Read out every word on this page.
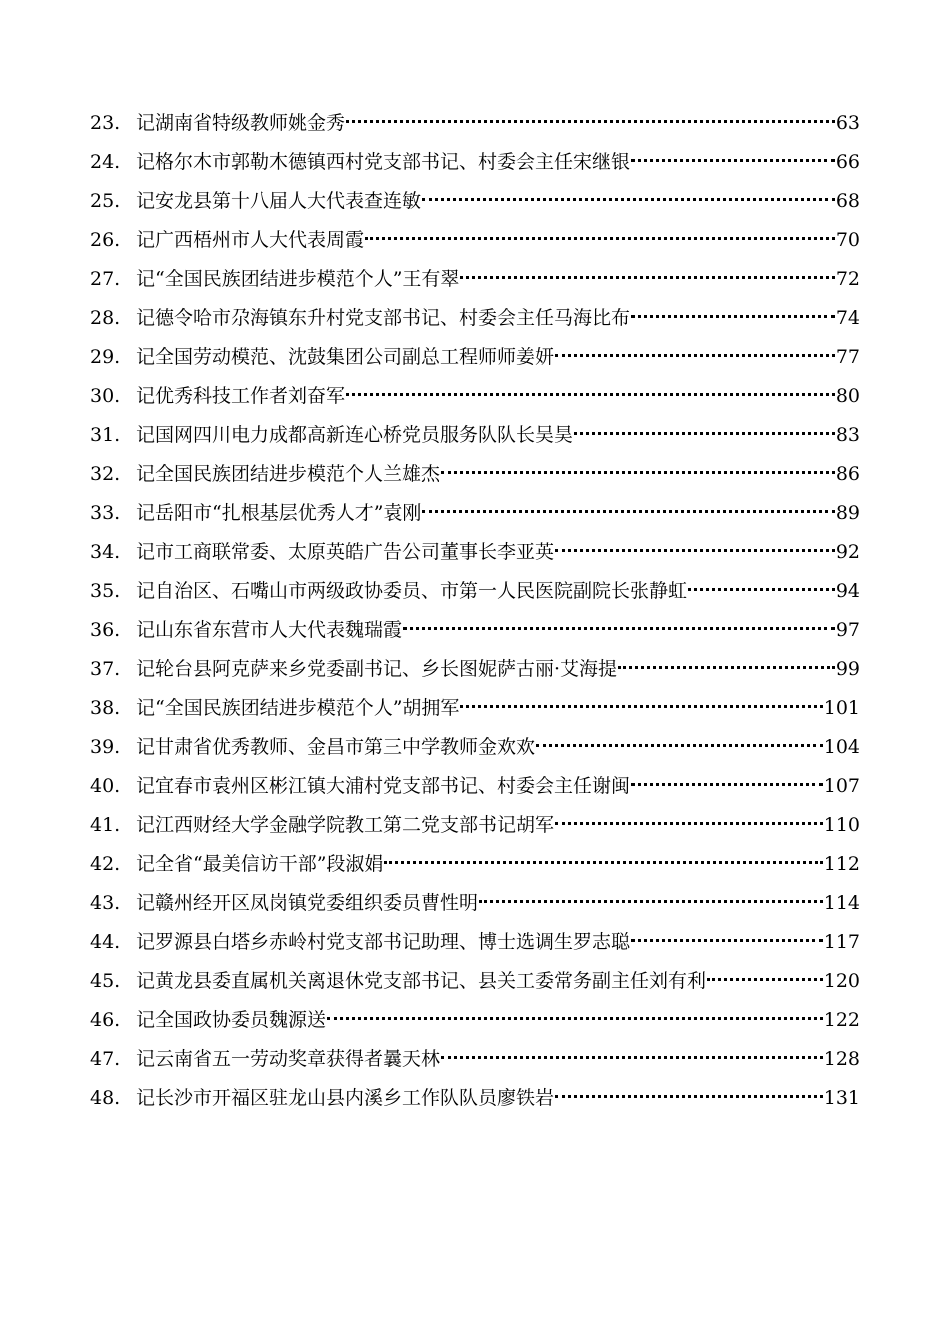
23. 记湖南省特级教师姚金秀	63
24. 记格尔木市郭勒木德镇西村党支部书记、村委会主任宋继银	66
25. 记安龙县第十八届人大代表查连敏	68
26. 记广西梧州市人大代表周霞	70
27. 记“全国民族团结进步模范个人”王有翠	72
28. 记德令哈市尕海镇东升村党支部书记、村委会主任马海比布	74
29. 记全国劳动模范、沈鼓集团公司副总工程师师姜妍	77
30. 记优秀科技工作者刘奋军	80
31. 记国网四川电力成都高新连心桥党员服务队队长吴昊	83
32. 记全国民族团结进步模范个人兰雄杰	86
33. 记岳阳市“扎根基层优秀人才”袁刚	89
34. 记市工商联常委、太原英皓广告公司董事长李亚英	92
35. 记自治区、石嘴山市两级政协委员、市第一人民医院副院长张静虹	94
36. 记山东省东营市人大代表魏瑞霞	97
37. 记轮台县阿克萨来乡党委副书记、乡长图妮萨古丽·艾海提	99
38. 记“全国民族团结进步模范个人”胡拥军	101
39. 记甘肃省优秀教师、金昌市第三中学教师金欢欢	104
40. 记宜春市袁州区彬江镇大浦村党支部书记、村委会主任谢闽	107
41. 记江西财经大学金融学院教工第二党支部书记胡军	110
42. 记全省“最美信访干部”段淑娟	112
43. 记赣州经开区凤岗镇党委组织委员曹性明	114
44. 记罗源县白塔乡赤岭村党支部书记助理、博士选调生罗志聪	117
45. 记黄龙县委直属机关离退休党支部书记、县关工委常务副主任刘有利	120
46. 记全国政协委员魏源送	122
47. 记云南省五一劳动奖章获得者曩天林	128
48. 记长沙市开福区驻龙山县内溪乡工作队队员廖铁岩	131
